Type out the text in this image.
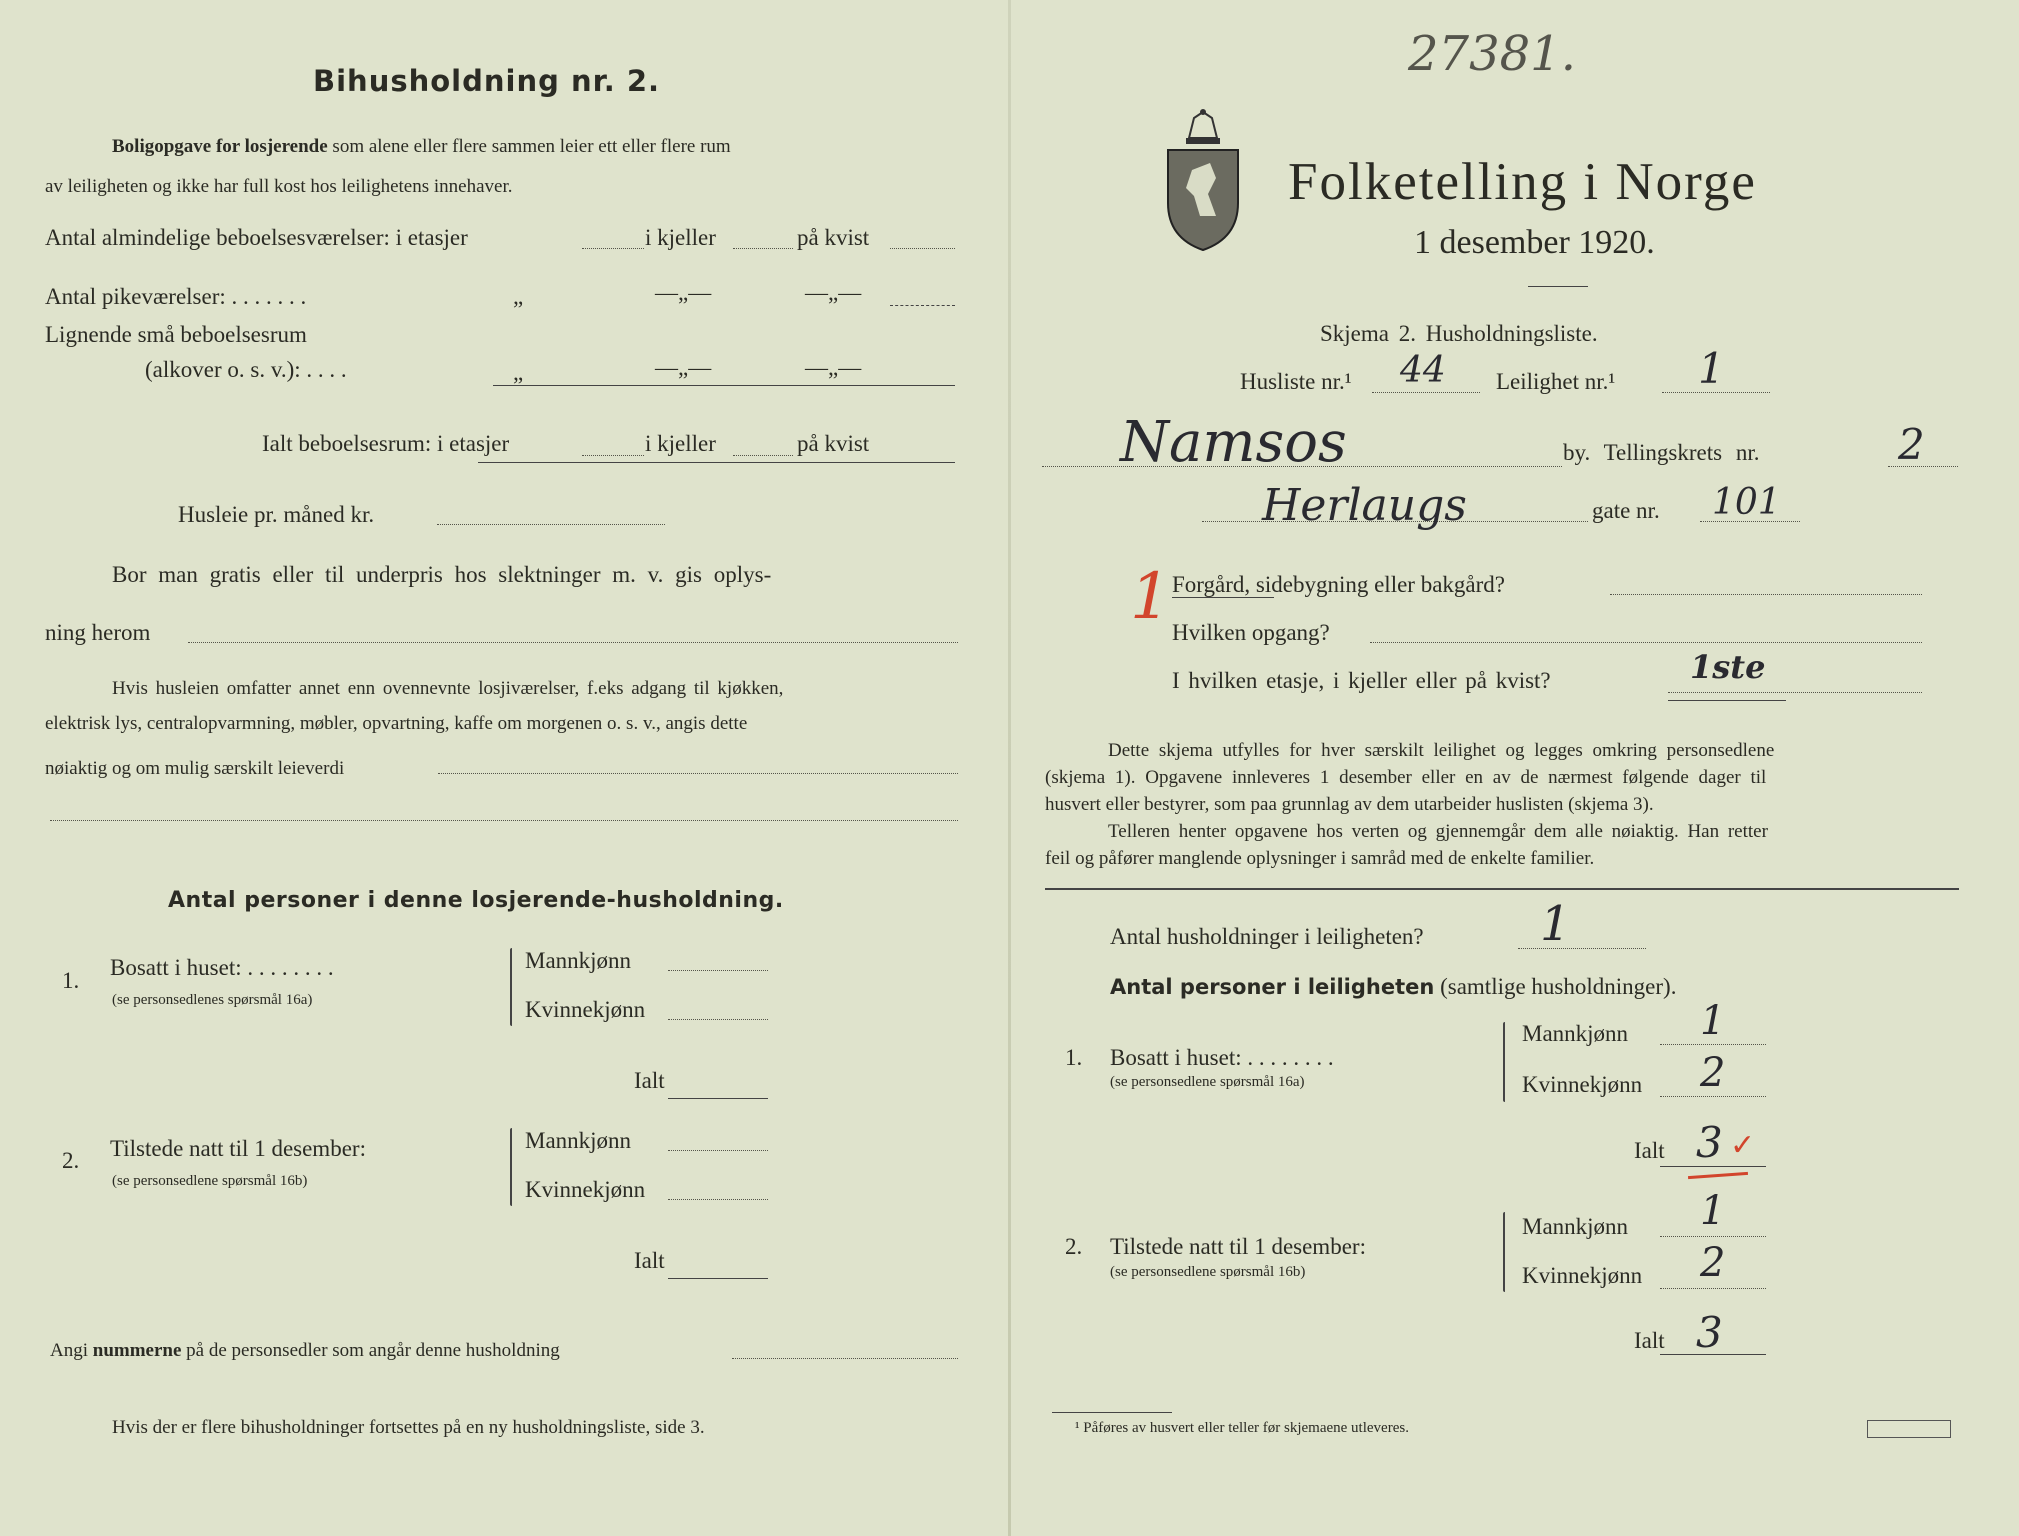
Bihusholdning nr. 2.
Boligopgave for losjerende som alene eller flere sammen leier ett eller flere rum
av leiligheten og ikke har full kost hos leilighetens innehaver.
Antal almindelige beboelsesværelser: i etasjer	i kjeller	på kvist
Antal pikeværelser: . . . . . . .	„	—„—	—„—
Lignende små beboelsesrum
(alkover o. s. v.): . . . .	„	—„—	—„—
Ialt beboelsesrum: i etasjer	i kjeller	på kvist
Husleie pr. måned kr.
Bor man gratis eller til underpris hos slektninger m. v. gis oplys-
ning herom
Hvis husleien omfatter annet enn ovennevnte losjiværelser, f.eks adgang til kjøkken,
elektrisk lys, centralopvarmning, møbler, opvartning, kaffe om morgenen o. s. v., angis dette
nøiaktig og om mulig særskilt leieverdi
Antal personer i denne losjerende-husholdning.
1.
Bosatt i huset: . . . . . . . .
(se personsedlenes spørsmål 16a)
Mannkjønn
Kvinnekjønn
Ialt
2. Tilstede natt til 1 desember:
(se personsedlene spørsmål 16b)
Mannkjønn
Kvinnekjønn
Ialt
Angi nummerne på de personsedler som angår denne husholdning
Hvis der er flere bihusholdninger fortsettes på en ny husholdningsliste, side 3.
27381.
Folketelling i Norge
1 desember 1920.
Skjema 2. Husholdningsliste.
Husliste nr.¹ 44 Leilighet nr.¹ 1
Namsos	by. Tellingskrets nr.	2
Herlaugs	gate nr. 101
1 Forgård, sidebygning eller bakgård?
Hvilken opgang?
I hvilken etasje, i kjeller eller på kvist?	1ste
Dette skjema utfylles for hver særskilt leilighet og legges omkring personsedlene
(skjema 1). Opgavene innleveres 1 desember eller en av de nærmest følgende dager til
husvert eller bestyrer, som paa grunnlag av dem utarbeider huslisten (skjema 3).
Telleren henter opgavene hos verten og gjennemgår dem alle nøiaktig. Han retter
feil og påfører manglende oplysninger i samråd med de enkelte familier.
Antal husholdninger i leiligheten? 1
Antal personer i leiligheten (samtlige husholdninger).
1. Bosatt i huset: . . . . . . . .
(se personsedlene spørsmål 16a)
Mannkjønn 1
Kvinnekjønn 2
Ialt 3 ✓
2. Tilstede natt til 1 desember:
(se personsedlene spørsmål 16b)
Mannkjønn 1
Kvinnekjønn 2
Ialt 3
¹ Påføres av husvert eller teller før skjemaene utleveres.
